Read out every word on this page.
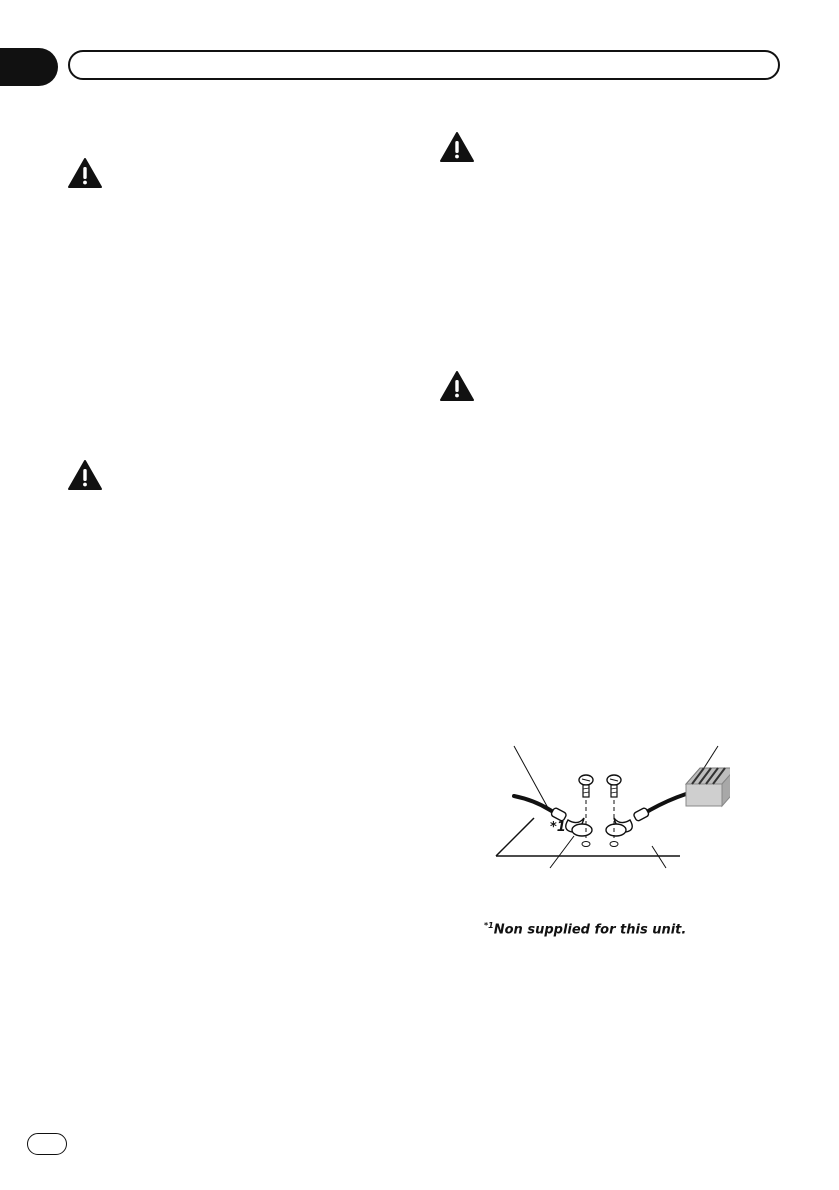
*1
$^{*1}$Non supplied for this unit.
